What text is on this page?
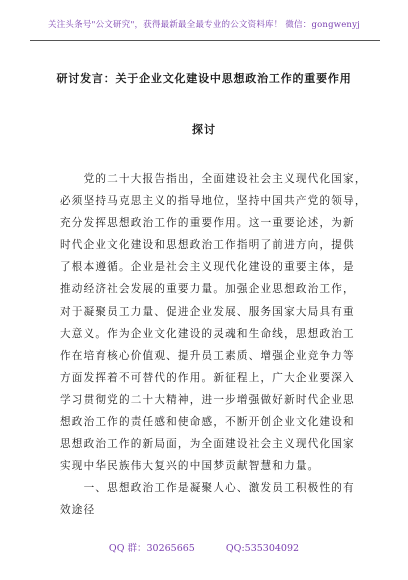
关注头条号"公文研究"，获得最新最全最专业的公文资料库！ 微信：gongwenyj
研讨发言：关于企业文化建设中思想政治工作的重要作用
探讨
　　党的二十大报告指出，全面建设社会主义现代化国家，
必须坚持马克思主义的指导地位，坚持中国共产党的领导，
充分发挥思想政治工作的重要作用。这一重要论述，为新
时代企业文化建设和思想政治工作指明了前进方向，提供
了根本遵循。企业是社会主义现代化建设的重要主体，是
推动经济社会发展的重要力量。加强企业思想政治工作，
对于凝聚员工力量、促进企业发展、服务国家大局具有重
大意义。作为企业文化建设的灵魂和生命线，思想政治工
作在培育核心价值观、提升员工素质、增强企业竞争力等
方面发挥着不可替代的作用。新征程上，广大企业要深入
学习贯彻党的二十大精神，进一步增强做好新时代企业思
想政治工作的责任感和使命感，不断开创企业文化建设和
思想政治工作的新局面，为全面建设社会主义现代化国家
实现中华民族伟大复兴的中国梦贡献智慧和力量。
　　一、思想政治工作是凝聚人心、激发员工积极性的有
效途径
QQ 群：30265665	QQ:535304092
